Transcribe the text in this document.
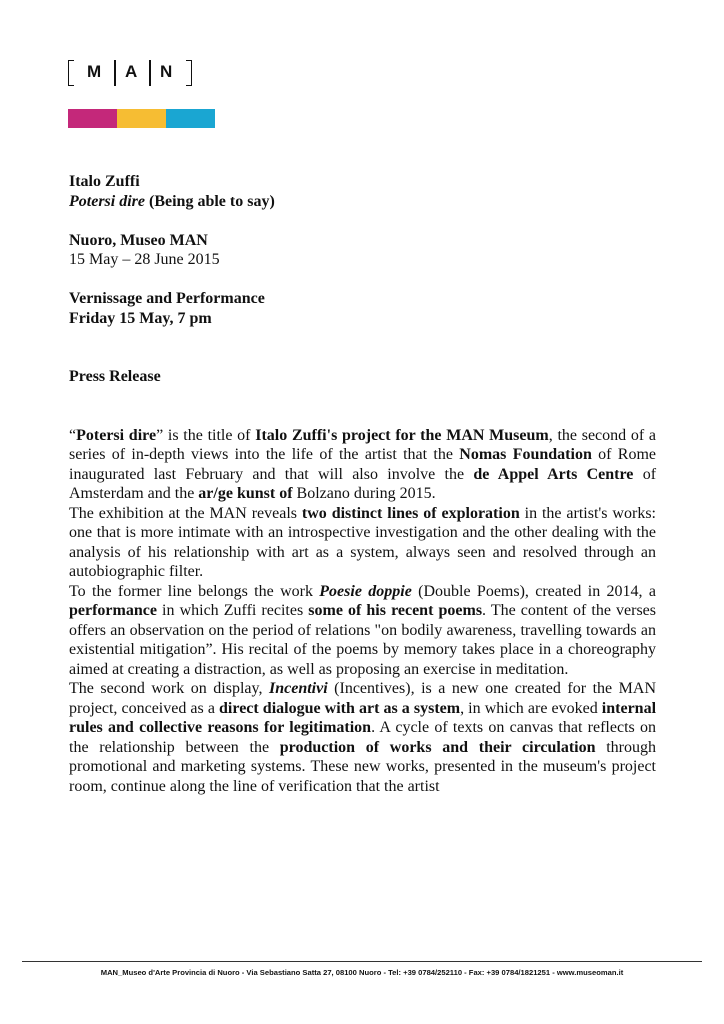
M A N

Italo Zuffi

Potersi dire (Being able to say)

Nuoro, Museo MAN

15 May – 28 June 2015

Vernissage and Performance

Friday 15 May, 7 pm

Press Release

“Potersi dire” is the title of Italo Zuffi's project for the MAN Museum, the second of a series of in-depth views into the life of the artist that the Nomas Foundation of Rome inaugurated last February and that will also involve the de Appel Arts Centre of Amsterdam and the ar/ge kunst of Bolzano during 2015.

The exhibition at the MAN reveals two distinct lines of exploration in the artist's works: one that is more intimate with an introspective investigation and the other dealing with the analysis of his relationship with art as a system, always seen and resolved through an autobiographic filter.

To the former line belongs the work Poesie doppie (Double Poems), created in 2014, a performance in which Zuffi recites some of his recent poems. The content of the verses offers an observation on the period of relations "on bodily awareness, travelling towards an existential mitigation”. His recital of the poems by memory takes place in a choreography aimed at creating a distraction, as well as proposing an exercise in meditation.

The second work on display, Incentivi (Incentives), is a new one created for the MAN project, conceived as a direct dialogue with art as a system, in which are evoked internal rules and collective reasons for legitimation. A cycle of texts on canvas that reflects on the relationship between the production of works and their circulation through promotional and marketing systems. These new works, presented in the museum's project room, continue along the line of verification that the artist

MAN_Museo d'Arte Provincia di Nuoro - Via Sebastiano Satta 27, 08100 Nuoro - Tel: +39 0784/252110 - Fax: +39 0784/1821251 - www.museoman.it
